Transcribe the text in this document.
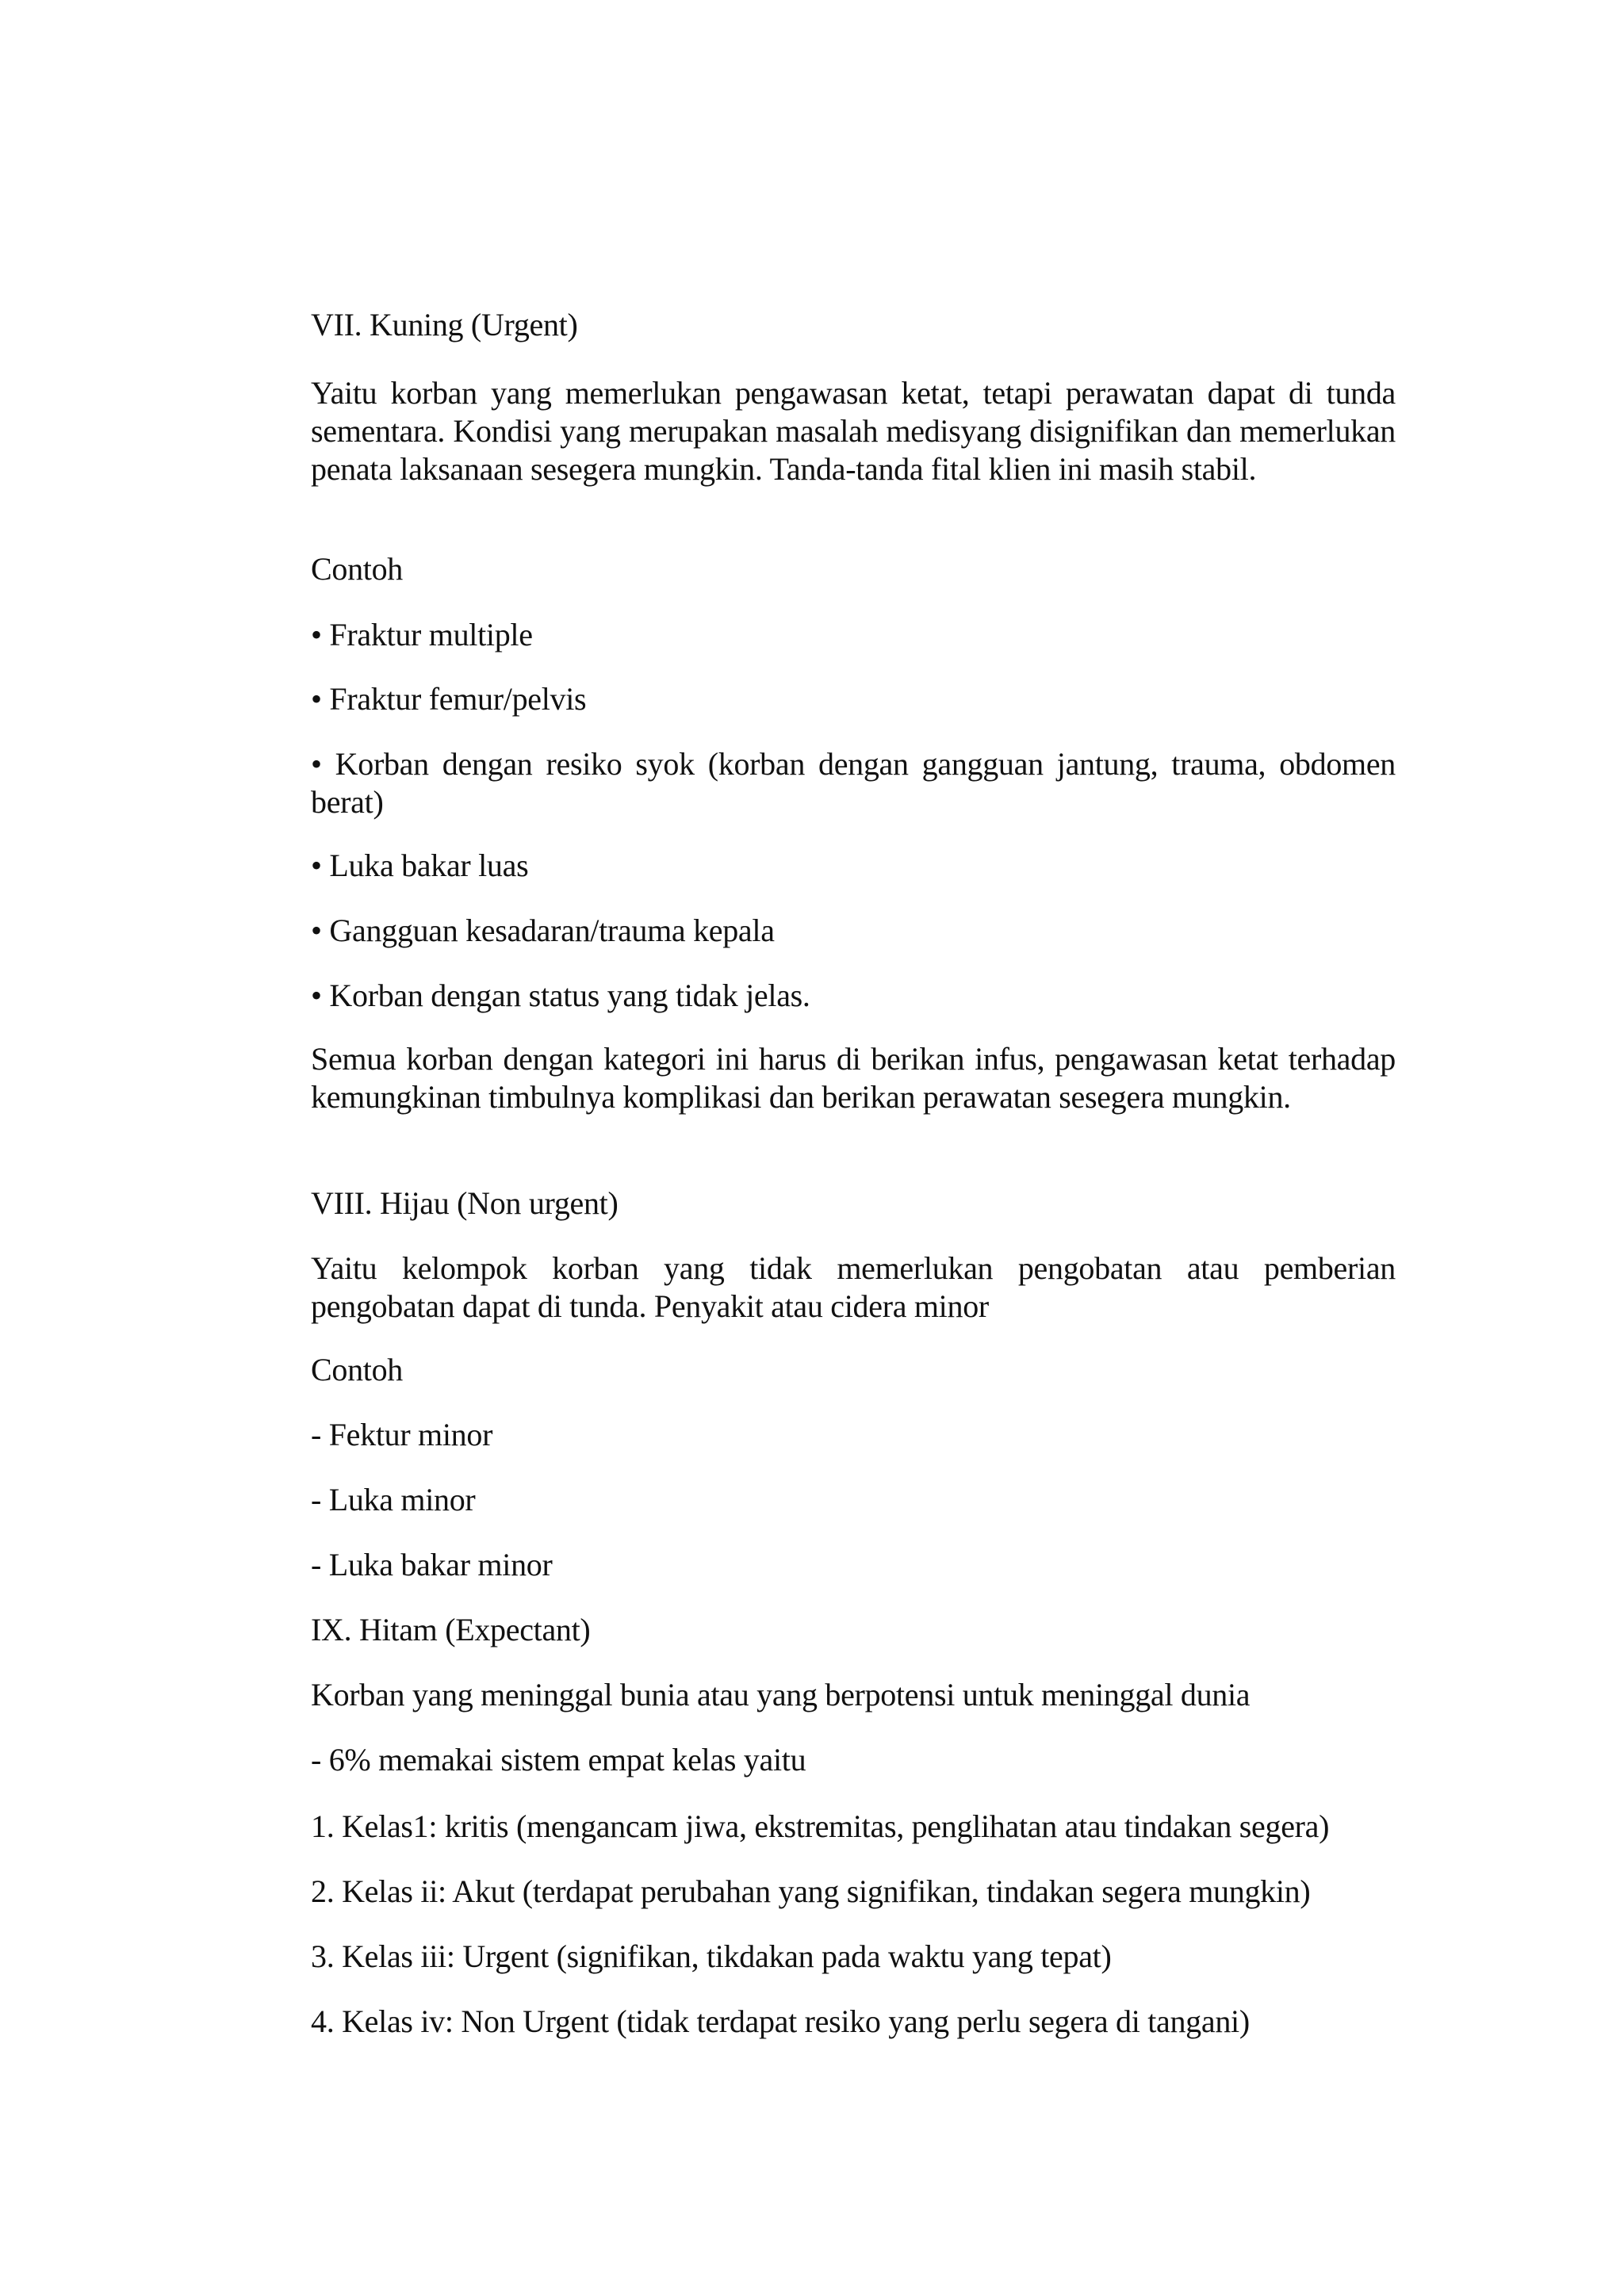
VII. Kuning (Urgent)

Yaitu korban yang memerlukan pengawasan ketat, tetapi perawatan dapat di tunda sementara. Kondisi yang merupakan masalah medisyang disignifikan dan memerlukan penata laksanaan sesegera mungkin. Tanda-tanda fital klien ini masih stabil.

Contoh

• Fraktur multiple

• Fraktur femur/pelvis

• Korban dengan resiko syok (korban dengan gangguan jantung, trauma, obdomen berat)

• Luka bakar luas

• Gangguan kesadaran/trauma kepala

• Korban dengan status yang tidak jelas.

Semua korban dengan kategori ini harus di berikan infus, pengawasan ketat terhadap kemungkinan timbulnya komplikasi dan berikan perawatan sesegera mungkin.

VIII. Hijau (Non urgent)

Yaitu kelompok korban yang tidak memerlukan pengobatan atau pemberian pengobatan dapat di tunda. Penyakit atau cidera minor

Contoh

- Fektur minor

- Luka minor

- Luka bakar minor

IX. Hitam (Expectant)

Korban yang meninggal bunia atau yang berpotensi untuk meninggal dunia

- 6% memakai sistem empat kelas yaitu

1. Kelas1: kritis (mengancam jiwa, ekstremitas, penglihatan atau tindakan segera)

2. Kelas ii: Akut (terdapat perubahan yang signifikan, tindakan segera mungkin)

3. Kelas iii: Urgent (signifikan, tikdakan pada waktu yang tepat)

4. Kelas iv: Non Urgent (tidak terdapat resiko yang perlu segera di tangani)
